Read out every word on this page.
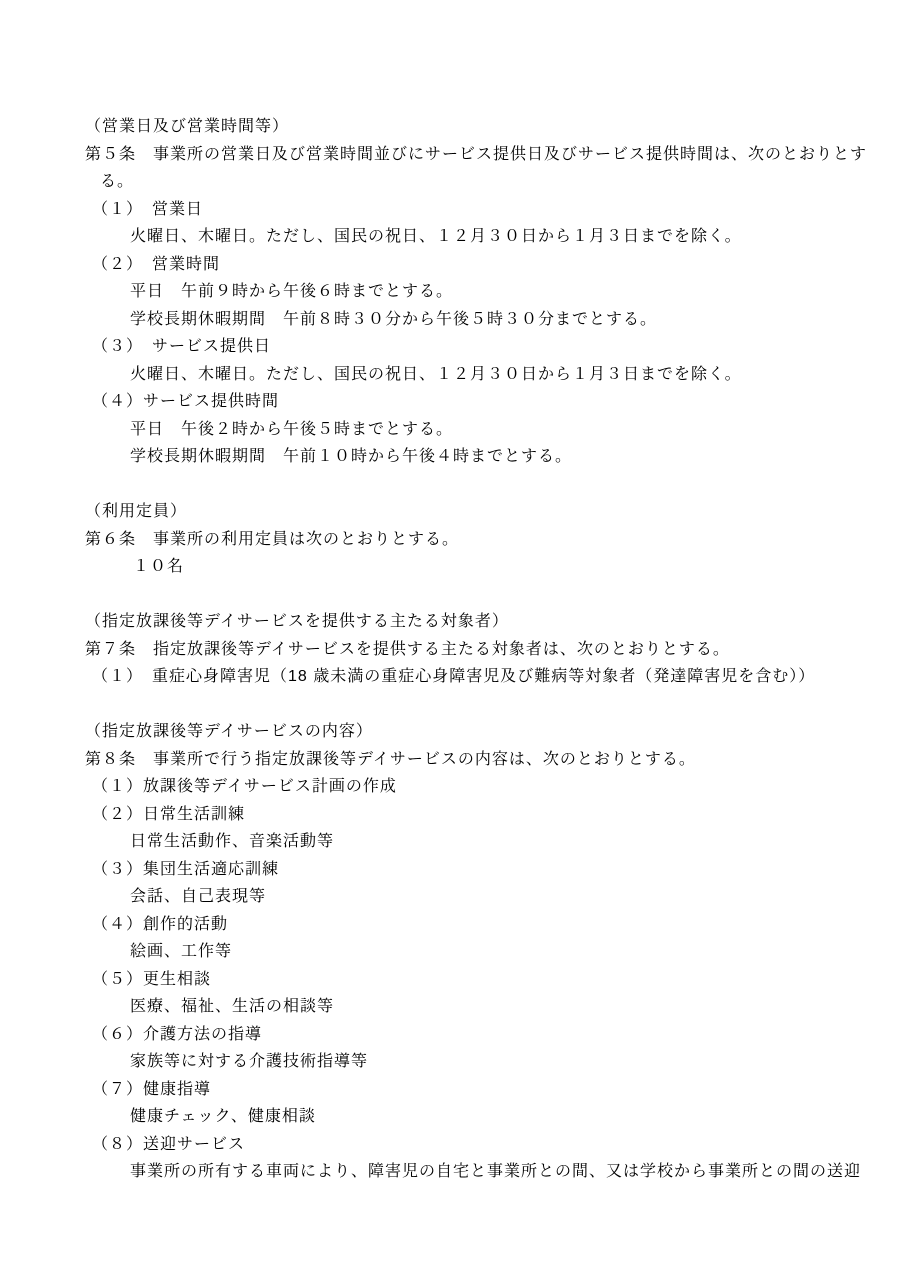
（営業日及び営業時間等）

第５条　事業所の営業日及び営業時間並びにサービス提供日及びサービス提供時間は、次のとおりとす

る。

（１）　営業日

火曜日、木曜日。ただし、国民の祝日、１２月３０日から１月３日までを除く。

（２）　営業時間

平日　午前９時から午後６時までとする。

学校長期休暇期間　午前８時３０分から午後５時３０分までとする。

（３）　サービス提供日

火曜日、木曜日。ただし、国民の祝日、１２月３０日から１月３日までを除く。

（４）サービス提供時間

平日　午後２時から午後５時までとする。

学校長期休暇期間　午前１０時から午後４時までとする。

（利用定員）

第６条　事業所の利用定員は次のとおりとする。

１０名

（指定放課後等デイサービスを提供する主たる対象者）

第７条　指定放課後等デイサービスを提供する主たる対象者は、次のとおりとする。

（１）　重症心身障害児（18 歳未満の重症心身障害児及び難病等対象者（発達障害児を含む））

（指定放課後等デイサービスの内容）

第８条　事業所で行う指定放課後等デイサービスの内容は、次のとおりとする。

（１）放課後等デイサービス計画の作成

（２）日常生活訓練

日常生活動作、音楽活動等

（３）集団生活適応訓練

会話、自己表現等

（４）創作的活動

絵画、工作等

（５）更生相談

医療、福祉、生活の相談等

（６）介護方法の指導

家族等に対する介護技術指導等

（７）健康指導

健康チェック、健康相談

（８）送迎サービス

事業所の所有する車両により、障害児の自宅と事業所との間、又は学校から事業所との間の送迎
